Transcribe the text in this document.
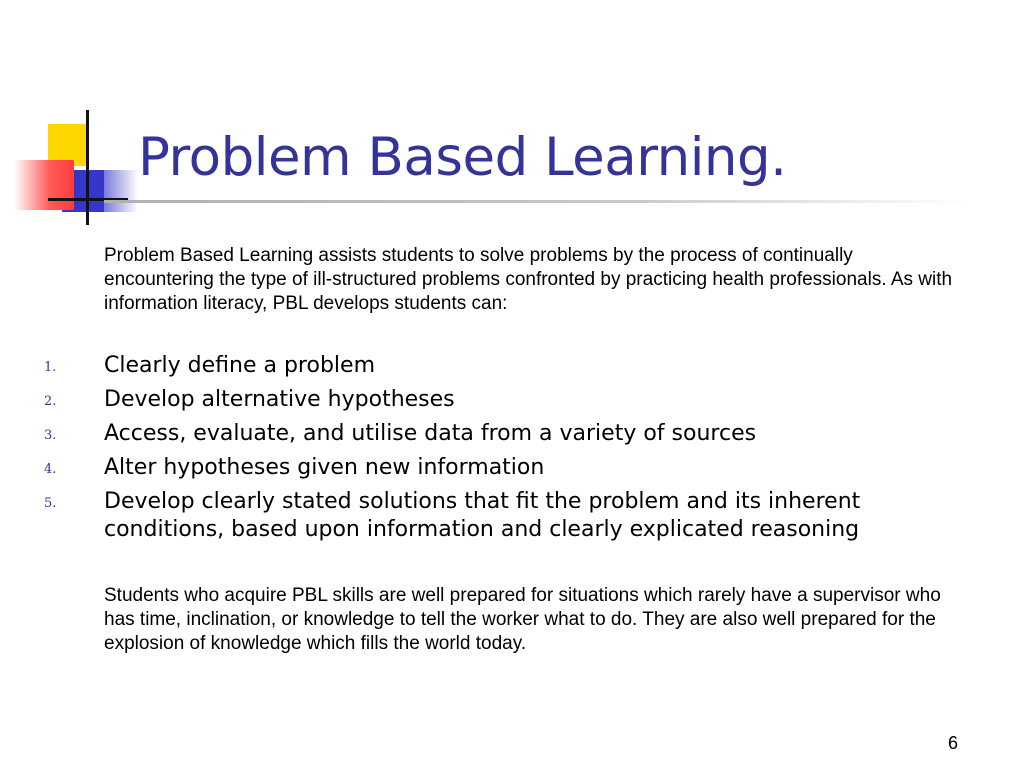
Problem Based Learning.

Problem Based Learning assists students to solve problems by the process of continually encountering the type of ill-structured problems confronted by practicing health professionals. As with information literacy, PBL develops students can:

1. Clearly define a problem
2. Develop alternative hypotheses
3. Access, evaluate, and utilise data from a variety of sources
4. Alter hypotheses given new information
5. Develop clearly stated solutions that fit the problem and its inherent conditions, based upon information and clearly explicated reasoning

Students who acquire PBL skills are well prepared for situations which rarely have a supervisor who has time, inclination, or knowledge to tell the worker what to do. They are also well prepared for the explosion of knowledge which fills the world today.

6
